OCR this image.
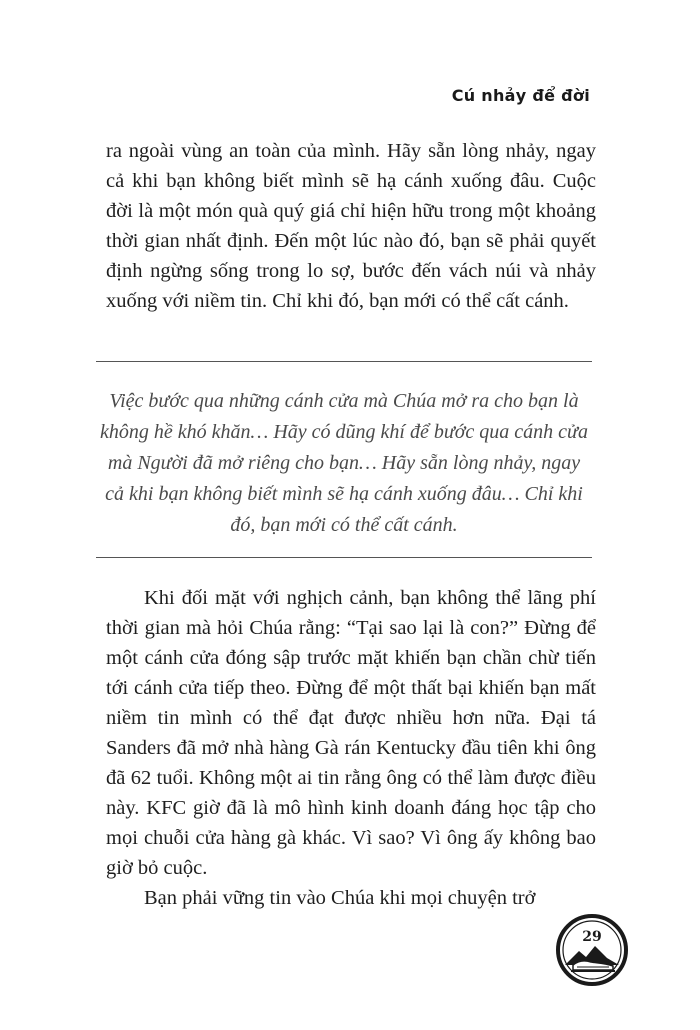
Cú nhảy để đời

ra ngoài vùng an toàn của mình. Hãy sẵn lòng nhảy, ngay cả khi bạn không biết mình sẽ hạ cánh xuống đâu. Cuộc đời là một món quà quý giá chỉ hiện hữu trong một khoảng thời gian nhất định. Đến một lúc nào đó, bạn sẽ phải quyết định ngừng sống trong lo sợ, bước đến vách núi và nhảy xuống với niềm tin. Chỉ khi đó, bạn mới có thể cất cánh.

Việc bước qua những cánh cửa mà Chúa mở ra cho bạn là không hề khó khăn… Hãy có dũng khí để bước qua cánh cửa mà Người đã mở riêng cho bạn… Hãy sẵn lòng nhảy, ngay cả khi bạn không biết mình sẽ hạ cánh xuống đâu… Chỉ khi đó, bạn mới có thể cất cánh.

Khi đối mặt với nghịch cảnh, bạn không thể lãng phí thời gian mà hỏi Chúa rằng: “Tại sao lại là con?” Đừng để một cánh cửa đóng sập trước mặt khiến bạn chần chừ tiến tới cánh cửa tiếp theo. Đừng để một thất bại khiến bạn mất niềm tin mình có thể đạt được nhiều hơn nữa. Đại tá Sanders đã mở nhà hàng Gà rán Kentucky đầu tiên khi ông đã 62 tuổi. Không một ai tin rằng ông có thể làm được điều này. KFC giờ đã là mô hình kinh doanh đáng học tập cho mọi chuỗi cửa hàng gà khác. Vì sao? Vì ông ấy không bao giờ bỏ cuộc.

Bạn phải vững tin vào Chúa khi mọi chuyện trở

29
